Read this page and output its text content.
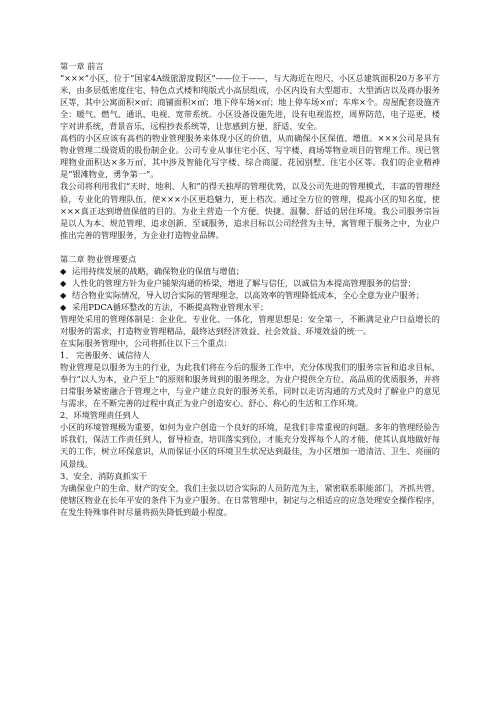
第一章 前言

“×××”小区，位于“国家4A级旅游度假区”——位于——，与大海近在咫尺，小区总建筑面积20万多平方米，由多层低密度住宅、特色点式楼和纯版式小高层组成，小区内设有大型超市、大型酒店以及商办服务区等，其中公寓面积×㎡；商铺面积×㎡；地下停车场×㎡；地上停车场×㎡；车库×个。房屋配套设施齐全：暖气、燃气、通讯、电视、宽带系统。小区设备设施先进，设有电视监控，周界防范，电子巡更，楼宇对讲系统，背景音乐，远程抄表系统等，让您感到方便、舒适、安全。

高档的小区应该有高档的物业管理服务来体现小区的价值，从而确保小区保值、增值。×××公司是具有物业管理二级资质的股份制企业。公司专业从事住宅小区、写字楼、商场等物业项目的管理工作。现已管理物业面积达×多万㎡，其中涉及智能化写字楼、综合商厦、花园别墅、住宅小区等。我们的企业精神是“银滩物业，勇争第一”。

我公司将利用我们“天时、地利、人和”的得天独厚的管理优势，以及公司先进的管理模式，丰富的管理经验，专业化的管理队伍，使×××小区更趋魅力，更上档次。通过全方位的管理，提高小区的知名度，使×××真正达到增值保值的目的。为业主营造一个方便、快捷、温馨、舒适的居住环境。我公司服务宗旨是以人为本、规范管理、追求创新、至诚服务，追求目标以公司经营为主导，寓管理于服务之中，为业户推出完善的管理服务，为企业打造物业品牌。

第二章 物业管理要点

◆ 运用持续发展的战略，确保物业的保值与增值；
◆ 人性化的管理方针为业户铺架沟通的桥梁，增进了解与信任，以诚信为本提高管理服务的信誉；
◆ 结合物业实际情况，导入切合实际的管理理念，以高效率的管理降低成本，全心全意为业户服务；
◆ 采用PDCA循环整改的方法，不断提高物业管理水平；

管理处采用的管理体制是：企业化、专业化、一体化，管理思想是：安全第一，不断满足业户日益增长的对服务的需求，打造物业管理精品，最终达到经济效益、社会效益、环境效益的统一。

在实际服务管理中，公司将抓住以下三个重点：

1、 完善服务、诚信待人

物业管理是以服务为主的行业，为此我们将在今后的服务工作中，充分体现我们的服务宗旨和追求目标，奉行“以人为本，业户至上”的原则和服务周到的服务理念，为业户提供全方位、高品质的优质服务，并将日常服务紧密融合于管理之中，与业户建立良好的服务关系，同时以走访沟通的方式及时了解业户的意见与需求，在不断完善的过程中真正为业户创造安心、舒心、称心的生活和工作环境。

2、环境管理责任到人

小区的环境管理极为重要，如何为业户创造一个良好的环境，是我们非常重视的问题。多年的管理经验告诉我们，保洁工作责任到人，督导检查，培训落实到位，才能充分发挥每个人的才能，使其认真地做好每天的工作，树立环保意识，从而保证小区的环境卫生状况达到最佳，为小区增加一道清洁、卫生、亮丽的风景线。

3、安全、消防真抓实干

为确保业户的生命、财产的安全，我们主张以切合实际的人员防范为主，紧密联系职能部门，齐抓共管，使辖区物业在长年平安的条件下为业户服务。在日常管理中，制定与之相适应的应急处理安全操作程序，在发生特殊事件时尽量将损失降低到最小程度。
